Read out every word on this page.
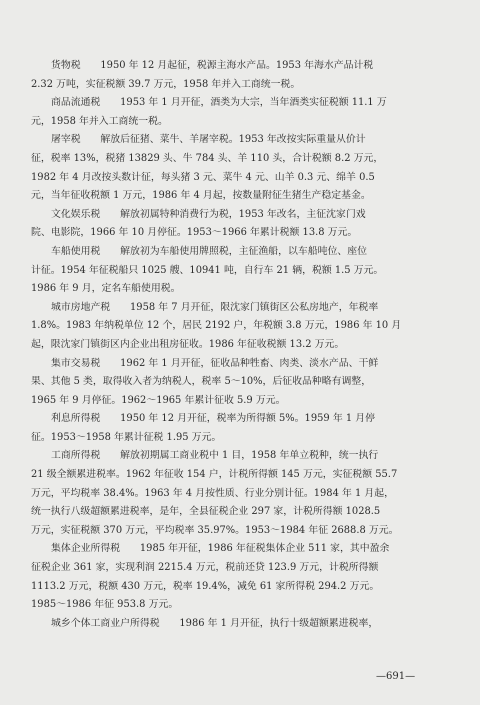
货物税　　1950 年 12 月起征，税源主海水产品。1953 年海水产品计税
2.32 万吨，实征税额 39.7 万元，1958 年并入工商统一税。
商品流通税　　1953 年 1 月开征，酒类为大宗，当年酒类实征税额 11.1 万
元，1958 年并入工商统一税。
屠宰税　　解放后征猪、菜牛、羊屠宰税。1953 年改按实际重量从价计
征，税率 13%，税猪 13829 头、牛 784 头、羊 110 头，合计税额 8.2 万元，
1982 年 4 月改按头数计征，每头猪 3 元、菜牛 4 元、山羊 0.3 元、绵羊 0.5
元，当年征收税额 1 万元，1986 年 4 月起，按数量附征生猪生产稳定基金。
文化娱乐税　　解放初属特种消费行为税，1953 年改名，主征沈家门戏
院、电影院，1966 年 10 月停征。1953～1966 年累计税额 13.8 万元。
车船使用税　　解放初为车船使用牌照税，主征渔船，以车船吨位、座位
计征。1954 年征税船只 1025 艘、10941 吨，自行车 21 辆，税额 1.5 万元。
1986 年 9 月，定名车船使用税。
城市房地产税　　1958 年 7 月开征，限沈家门镇街区公私房地产，年税率
1.8%。1983 年纳税单位 12 个，居民 2192 户，年税额 3.8 万元，1986 年 10 月
起，限沈家门镇街区内企业出租房征收。1986 年征收税额 13.2 万元。
集市交易税　　1962 年 1 月开征，征收品种牲畜、肉类、淡水产品、干鲜
果、其他 5 类，取得收入者为纳税人，税率 5～10%，后征收品种略有调整，
1965 年 9 月停征。1962～1965 年累计征收 5.9 万元。
利息所得税　　1950 年 12 月开征，税率为所得额 5%。1959 年 1 月停
征。1953～1958 年累计征税 1.95 万元。
工商所得税　　解放初期属工商业税中 1 目，1958 年单立税种，统一执行
21 级全额累进税率。1962 年征收 154 户，计税所得额 145 万元，实征税额 55.7
万元，平均税率 38.4%。1963 年 4 月按性质、行业分别计征。1984 年 1 月起，
统一执行八级超额累进税率，是年，全县征税企业 297 家，计税所得额 1028.5
万元，实征税额 370 万元，平均税率 35.97%。1953～1984 年征 2688.8 万元。
集体企业所得税　　1985 年开征，1986 年征税集体企业 511 家，其中盈余
征税企业 361 家，实现利润 2215.4 万元，税前还贷 123.9 万元，计税所得额
1113.2 万元，税额 430 万元，税率 19.4%，减免 61 家所得税 294.2 万元。
1985～1986 年征 953.8 万元。
城乡个体工商业户所得税　　1986 年 1 月开征，执行十级超额累进税率，
—691—
